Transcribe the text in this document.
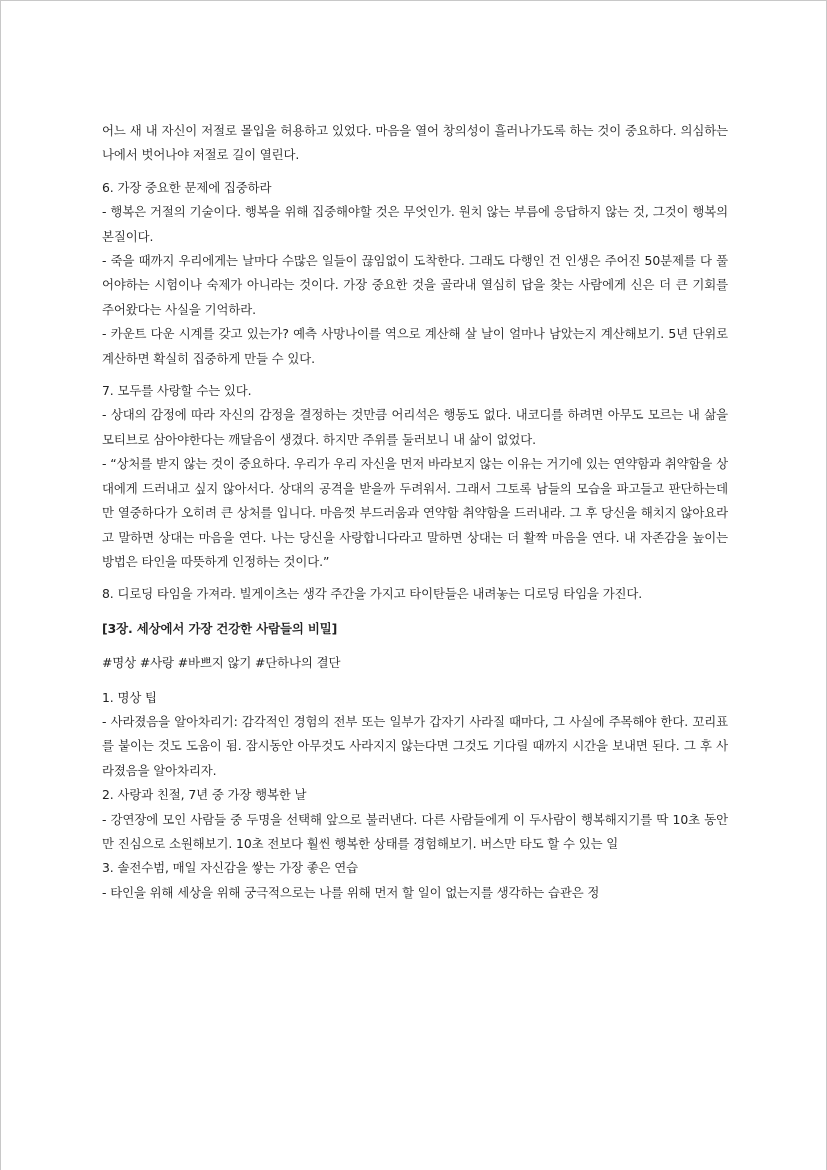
어느 새 내 자신이 저절로 몰입을 허용하고 있었다. 마음을 열어 창의성이 흘러나가도록 하는 것이 중요하다. 의심하는 나에서 벗어나야 저절로 길이 열린다.

6. 가장 중요한 문제에 집중하라

- 행복은 거절의 기술이다. 행복을 위해 집중해야할 것은 무엇인가. 원치 않는 부름에 응답하지 않는 것, 그것이 행복의 본질이다.

- 죽을 때까지 우리에게는 날마다 수많은 일들이 끊임없이 도착한다. 그래도 다행인 건 인생은 주어진 50분제를 다 풀어야하는 시험이나 숙제가 아니라는 것이다. 가장 중요한 것을 골라내 열심히 답을 찾는 사람에게 신은 더 큰 기회를 주어왔다는 사실을 기억하라.

- 카운트 다운 시계를 갖고 있는가? 예측 사망나이를 역으로 계산해 살 날이 얼마나 남았는지 계산해보기. 5년 단위로 계산하면 확실히 집중하게 만들 수 있다.

7. 모두를 사랑할 수는 있다.

- 상대의 감정에 따라 자신의 감정을 결정하는 것만큼 어리석은 행동도 없다. 내코디를 하려면 아무도 모르는 내 삶을 모티브로 삼아야한다는 깨달음이 생겼다. 하지만 주위를 둘러보니 내 삶이 없었다.

- “상처를 받지 않는 것이 중요하다. 우리가 우리 자신을 먼저 바라보지 않는 이유는 거기에 있는 연약함과 취약함을 상대에게 드러내고 싶지 않아서다. 상대의 공격을 받을까 두려워서. 그래서 그토록 남들의 모습을 파고들고 판단하는데만 열중하다가 오히려 큰 상처를 입니다. 마음껏 부드러움과 연약함 취약함을 드러내라. 그 후 당신을 해치지 않아요라고 말하면 상대는 마음을 연다. 나는 당신을 사랑합니다라고 말하면 상대는 더 활짝 마음을 연다. 내 자존감을 높이는 방법은 타인을 따뜻하게 인정하는 것이다.”

8. 디로딩 타임을 가져라. 빌게이츠는 생각 주간을 가지고 타이탄들은 내려놓는 디로딩 타임을 가진다.

[3장. 세상에서 가장 건강한 사람들의 비밀]

#명상 #사랑 #바쁘지 않기 #단하나의 결단

1. 명상 팁

- 사라졌음을 알아차리기: 감각적인 경험의 전부 또는 일부가 갑자기 사라질 때마다, 그 사실에 주목해야 한다. 꼬리표를 붙이는 것도 도움이 됨. 잠시동안 아무것도 사라지지 않는다면 그것도 기다릴 때까지 시간을 보내면 된다. 그 후 사라졌음을 알아차리자.

2. 사랑과 친절, 7년 중 가장 행복한 날

- 강연장에 모인 사람들 중 두명을 선택해 앞으로 불러낸다. 다른 사람들에게 이 두사람이 행복해지기를 딱 10초 동안만 진심으로 소원해보기. 10초 전보다 훨씬 행복한 상태를 경험해보기. 버스만 타도 할 수 있는 일

3. 솔전수범, 매일 자신감을 쌓는 가장 좋은 연습

- 타인을 위해 세상을 위해 궁극적으로는 나를 위해 먼저 할 일이 없는지를 생각하는 습관은 정
